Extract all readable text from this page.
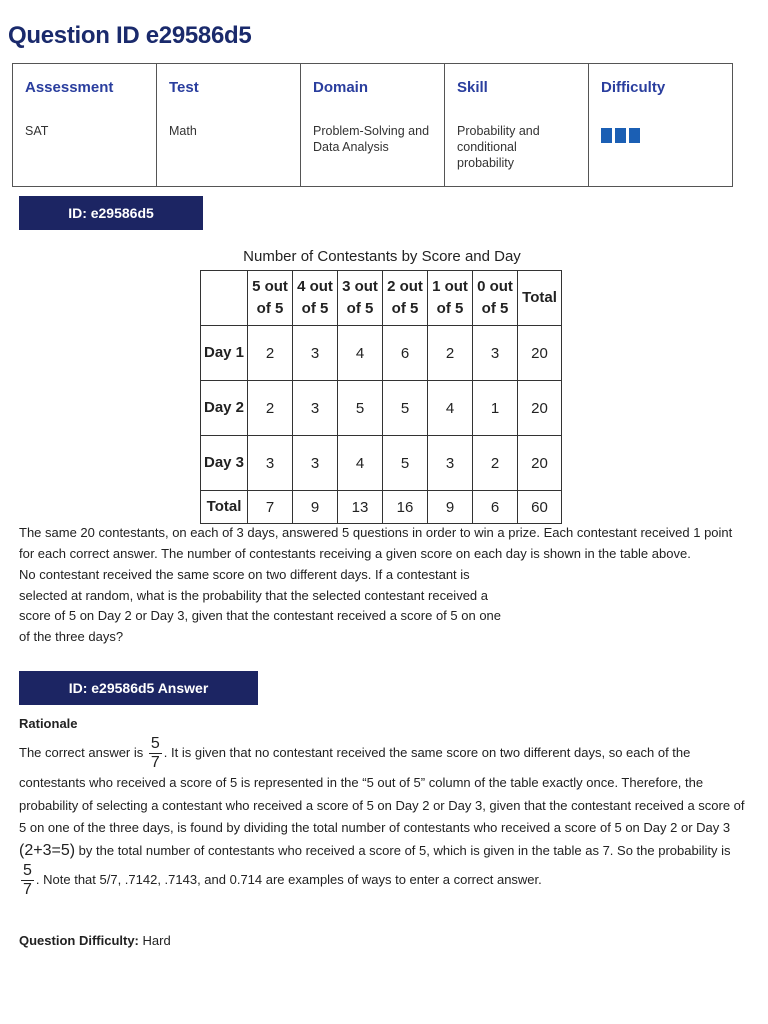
Question ID e29586d5
Assessment
SAT

Test
Math

Domain
Problem-Solving and Data Analysis

Skill
Probability and conditional probability

Difficulty
ID: e29586d5
Number of Contestants by Score and Day
	5 out of 5	4 out of 5	3 out of 5	2 out of 5	1 out of 5	0 out of 5	Total
Day 1	2	3	4	6	2	3	20
Day 2	2	3	5	5	4	1	20
Day 3	3	3	4	5	3	2	20
Total	7	9	13	16	9	6	60
The same 20 contestants, on each of 3 days, answered 5 questions in order to win a prize. Each contestant received 1 point for each correct answer. The number of contestants receiving a given score on each day is shown in the table above.
No contestant received the same score on two different days. If a contestant is selected at random, what is the probability that the selected contestant received a score of 5 on Day 2 or Day 3, given that the contestant received a score of 5 on one of the three days?
ID: e29586d5 Answer
Rationale
The correct answer is $\frac{5}{7}$ . It is given that no contestant received the same score on two different days, so each of the contestants who received a score of 5 is represented in the “5 out of 5” column of the table exactly once. Therefore, the probability of selecting a contestant who received a score of 5 on Day 2 or Day 3, given that the contestant received a score of 5 on one of the three days, is found by dividing the total number of contestants who received a score of 5 on Day 2 or Day 3 (2+3=5) by the total number of contestants who received a score of 5, which is given in the table as 7. So the probability is
$\frac{5}{7}$ . Note that 5/7, .7142, .7143, and 0.714 are examples of ways to enter a correct answer.
Question Difficulty: Hard
